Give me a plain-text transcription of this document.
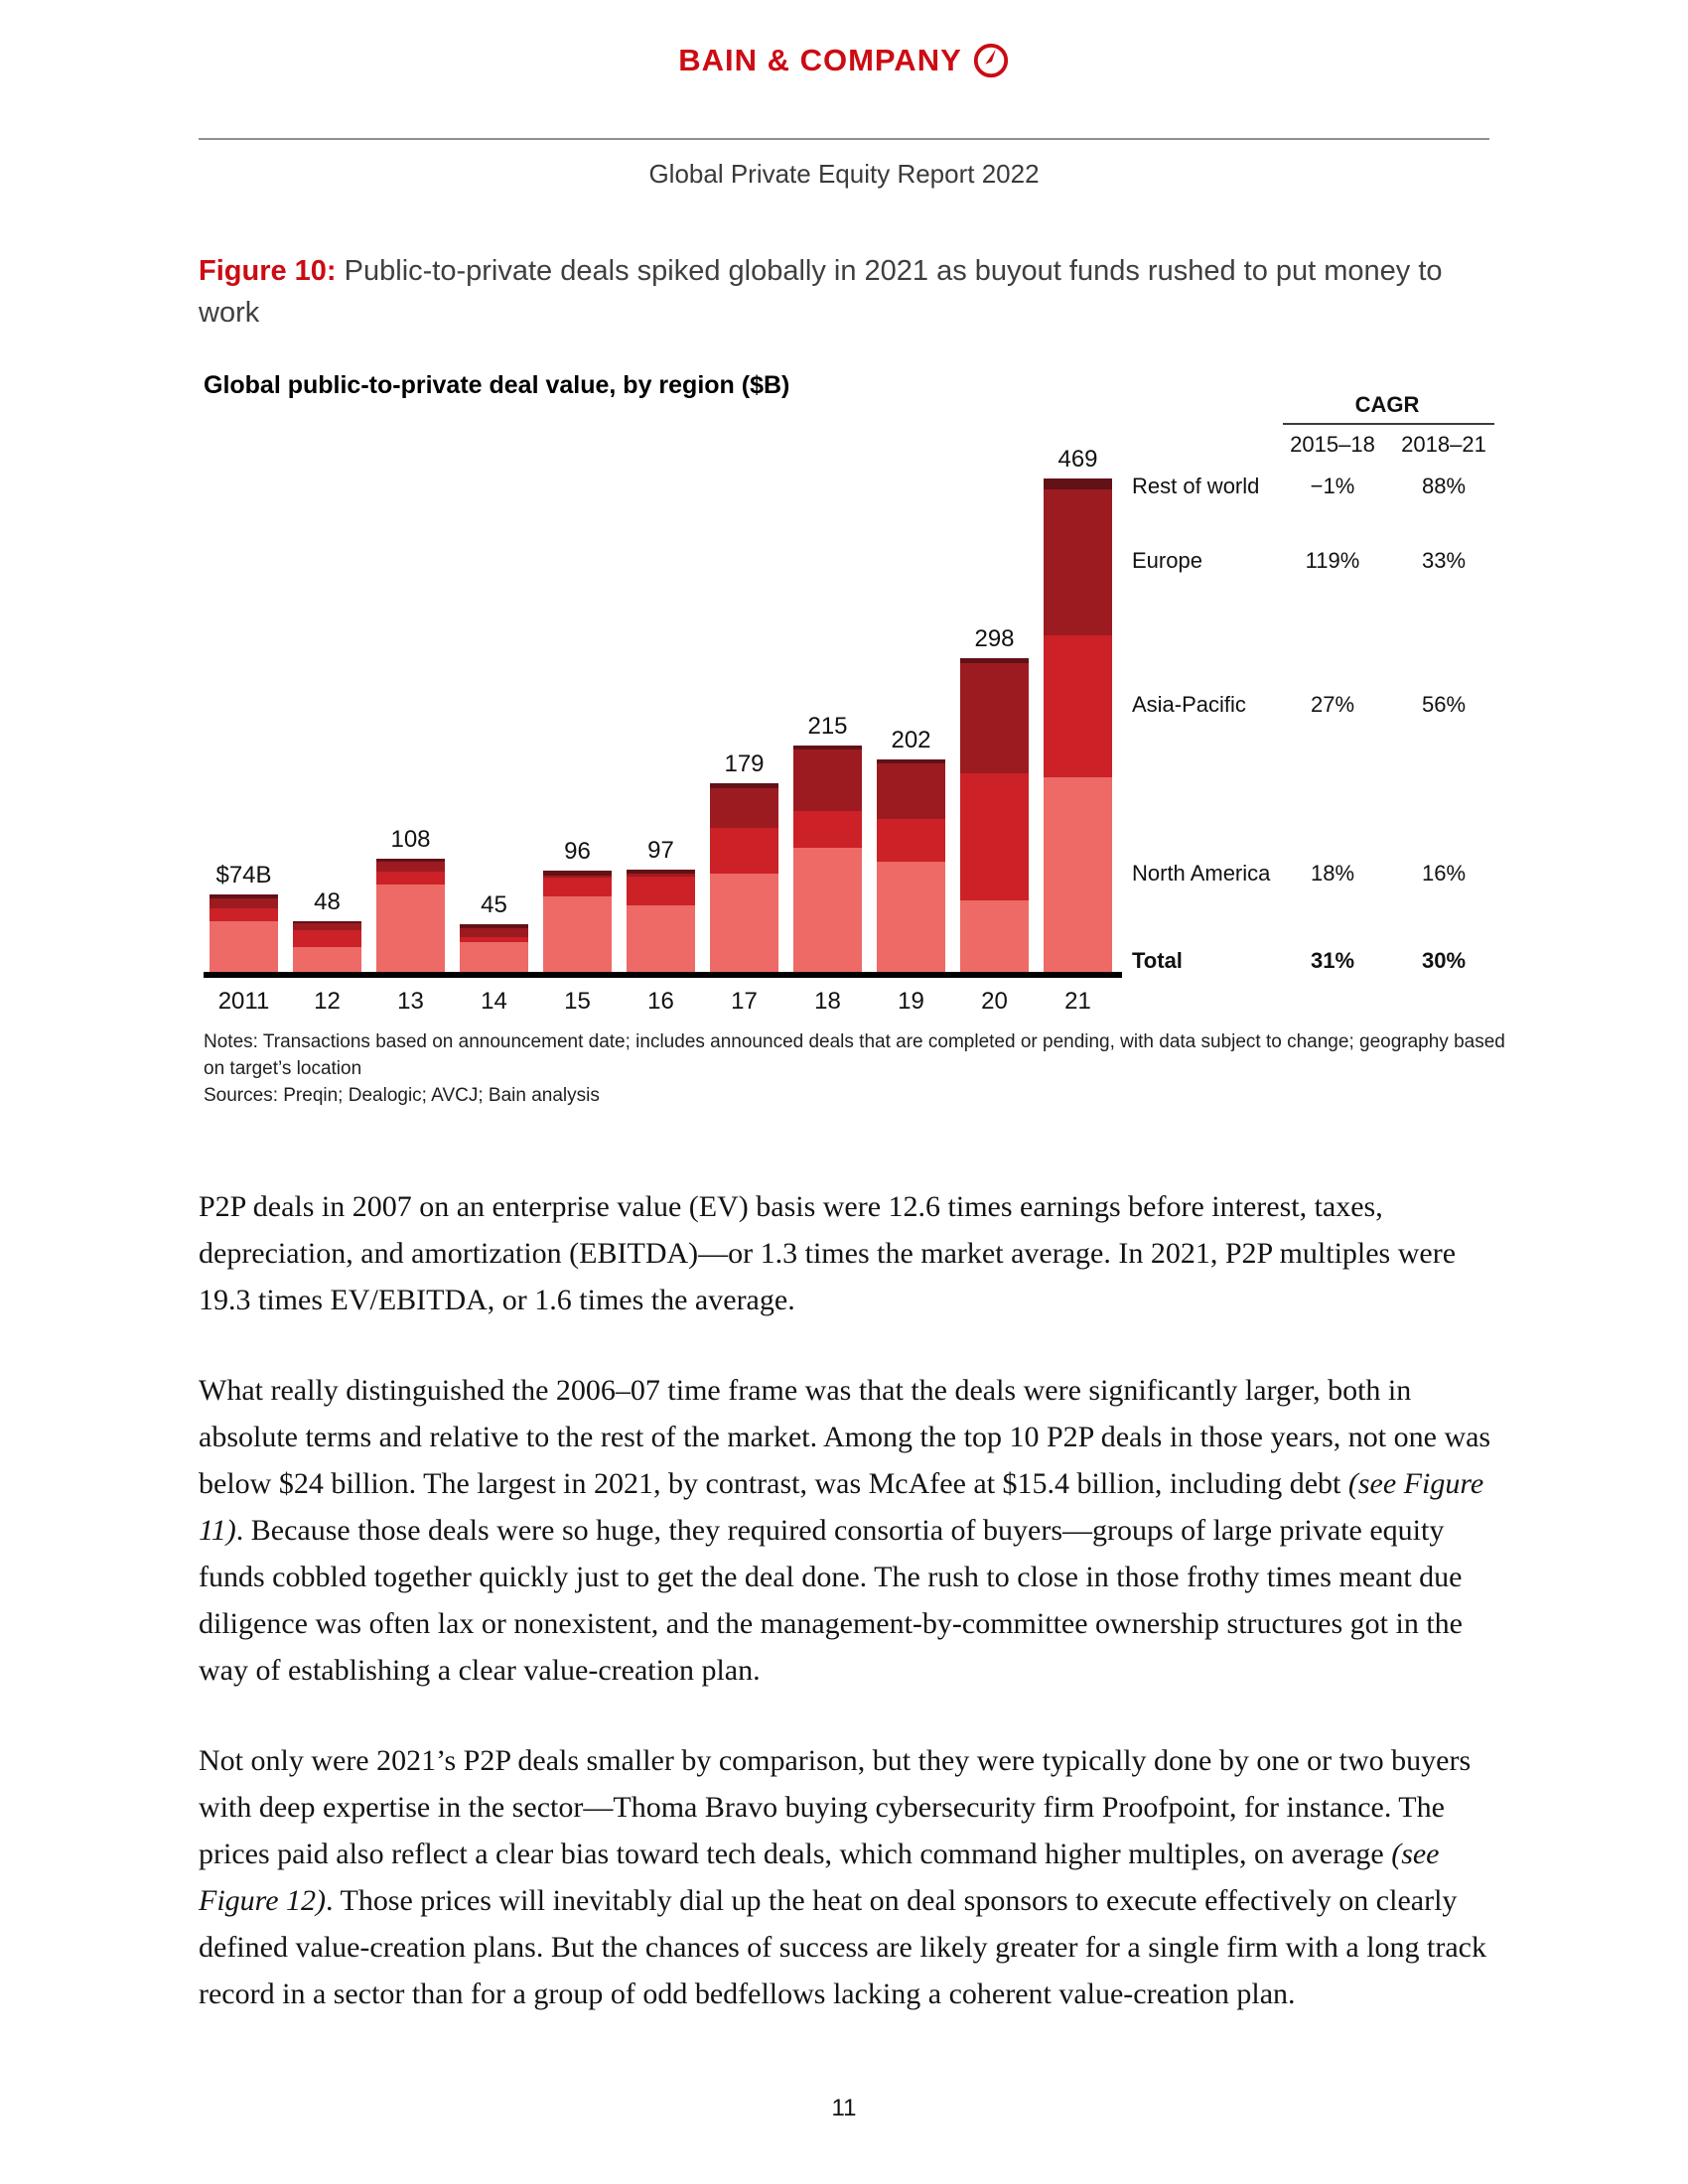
BAIN & COMPANY
Global Private Equity Report 2022
Figure 10: Public-to-private deals spiked globally in 2021 as buyout funds rushed to put money to work
Global public-to-private deal value, by region ($B)
$74B
48
108
45
96	97
179
215
202
298
469
2011	12	13	14	15	16	17	18	19	20	21
CAGR
2015–18	2018–21
Rest of world	−1%	88%
Europe	119%	33%
Asia-Pacific	27%	56%
North America	18%	16%
Total	31%	30%
Notes: Transactions based on announcement date; includes announced deals that are completed or pending, with data subject to change; geography based on target’s location
Sources: Preqin; Dealogic; AVCJ; Bain analysis

P2P deals in 2007 on an enterprise value (EV) basis were 12.6 times earnings before interest, taxes, depreciation, and amortization (EBITDA)—or 1.3 times the market average. In 2021, P2P multiples were 19.3 times EV/EBITDA, or 1.6 times the average.

What really distinguished the 2006–07 time frame was that the deals were significantly larger, both in absolute terms and relative to the rest of the market. Among the top 10 P2P deals in those years, not one was below $24 billion. The largest in 2021, by contrast, was McAfee at $15.4 billion, including debt (see Figure 11). Because those deals were so huge, they required consortia of buyers—groups of large private equity funds cobbled together quickly just to get the deal done. The rush to close in those frothy times meant due diligence was often lax or nonexistent, and the management-by-committee ownership structures got in the way of establishing a clear value-creation plan.

Not only were 2021’s P2P deals smaller by comparison, but they were typically done by one or two buyers with deep expertise in the sector—Thoma Bravo buying cybersecurity firm Proofpoint, for instance. The prices paid also reflect a clear bias toward tech deals, which command higher multiples, on average (see Figure 12). Those prices will inevitably dial up the heat on deal sponsors to execute effectively on clearly defined value-creation plans. But the chances of success are likely greater for a single firm with a long track record in a sector than for a group of odd bedfellows lacking a coherent value-creation plan.

11
